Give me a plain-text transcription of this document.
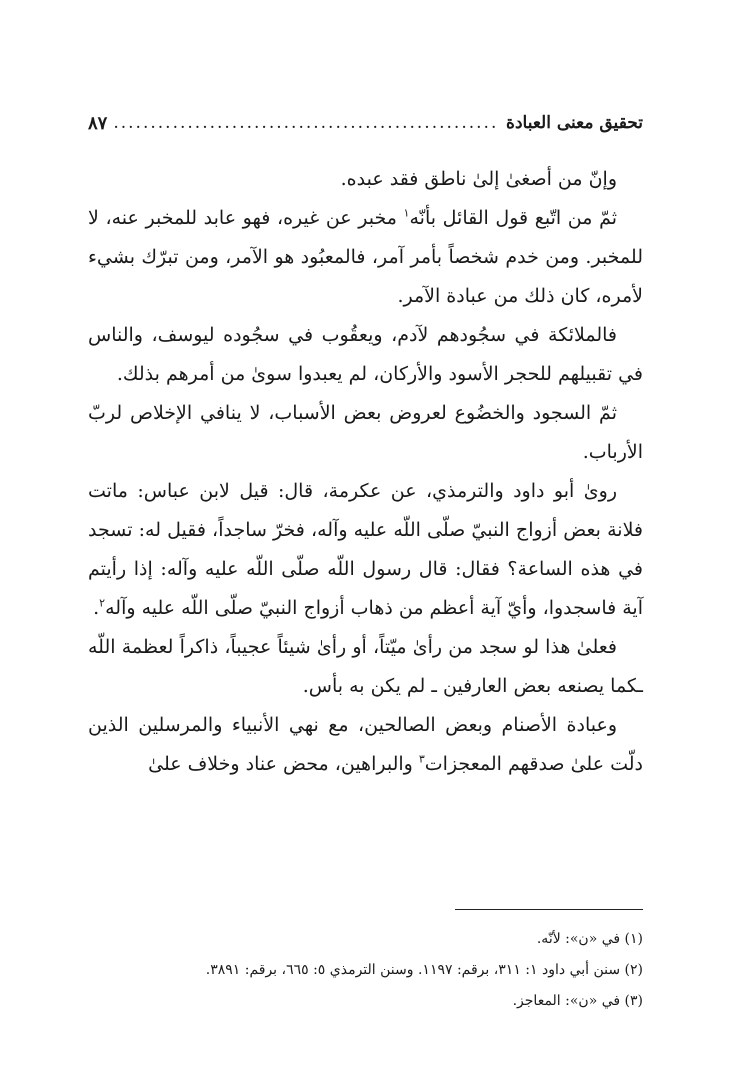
تحقيق معنى العبادة
.....
٨٧

وإنّ من أصغىٰ إلىٰ ناطق فقد عبده.

ثمّ من اتّبع قول القائل بأنّه$^١$ مخبر عن غيره، فهو عابد للمخبر عنه، لا للمخبر. ومن خدم شخصاً بأمر آمر، فالمعبُود هو الآمر، ومن تبرّك بشيء لأمره، كان ذلك من عبادة الآمر.

فالملائكة في سجُودهم لآدم، ويعقُوب في سجُوده ليوسف، والناس في تقبيلهم للحجر الأسود والأركان، لم يعبدوا سوىٰ من أمرهم بذلك.

ثمّ السجود والخضُوع لعروض بعض الأسباب، لا ينافي الإخلاص لربّ الأرباب.

روىٰ أبو داود والترمذي، عن عكرمة، قال: قيل لابن عباس: ماتت فلانة بعض أزواج النبيّ صلّى اللّه عليه وآله، فخرّ ساجداً، فقيل له: تسجد في هذه الساعة؟ فقال: قال رسول اللّه صلّى اللّه عليه وآله: إذا رأيتم آية فاسجدوا، وأيّ آية أعظم من ذهاب أزواج النبيّ صلّى اللّه عليه وآله$^٢$.

فعلىٰ هذا لو سجد من رأىٰ ميّتاً، أو رأىٰ شيئاً عجيباً، ذاكراً لعظمة اللّه ـكما يصنعه بعض العارفين ـ لم يكن به بأس.

وعبادة الأصنام وبعض الصالحين، مع نهي الأنبياء والمرسلين الذين دلّت علىٰ صدقهم المعجزات$^٣$ والبراهين، محض عناد وخلاف علىٰ

(١) في «ن»: لأنّه.
(٢) سنن أبي داود ١: ٣١١، برقم: ١١٩٧. وسنن الترمذي ٥: ٦٦٥، برقم: ٣٨٩١.
(٣) في «ن»: المعاجز.
